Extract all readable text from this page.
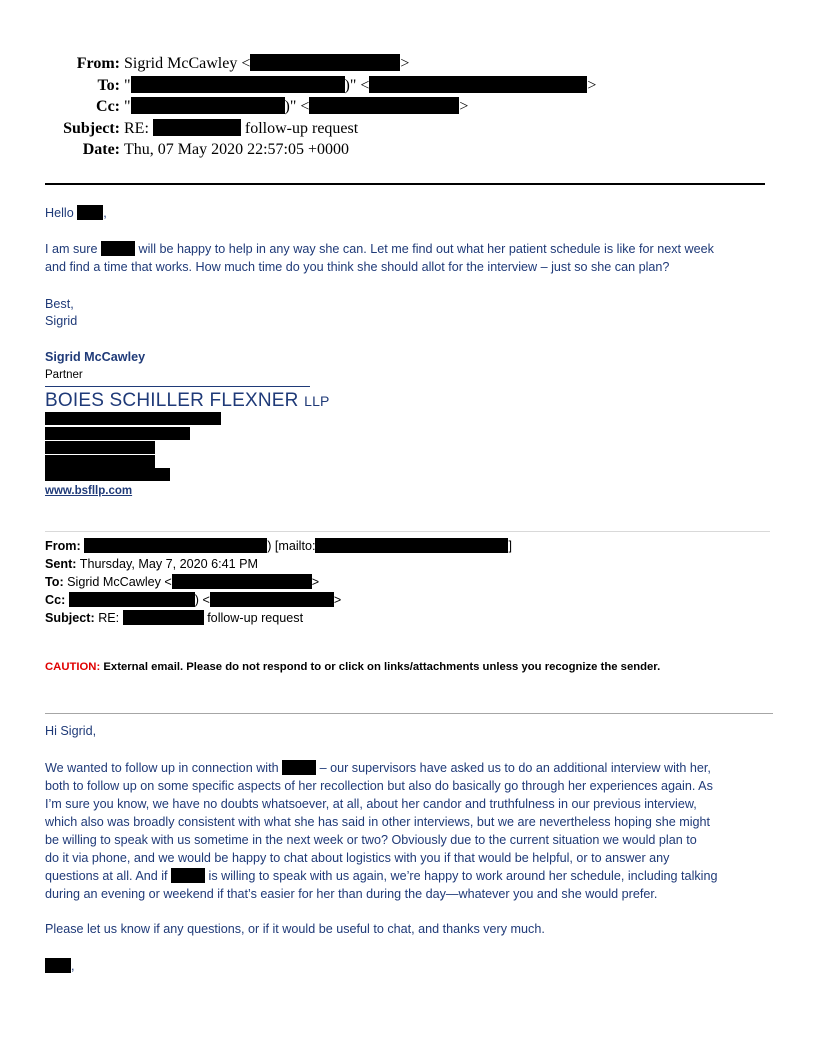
From: Sigrid McCawley <	>
To: "	)" <	>
Cc: "	)" <	>
Subject: RE:	follow-up request
Date: Thu, 07 May 2020 22:57:05 +0000
Hello ,
I am sure	will be happy to help in any way she can. Let me find out what her patient schedule is like for next week
and find a time that works. How much time do you think she should allot for the interview – just so she can plan?
Best,
Sigrid
Sigrid McCawley
Partner
BOIES SCHILLER FLEXNER LLP
www.bsfllp.com
From:	) [mailto:	]
Sent: Thursday, May 7, 2020 6:41 PM
To: Sigrid McCawley <	>
Cc:	) <	>
Subject: RE:	follow-up request
CAUTION: External email. Please do not respond to or click on links/attachments unless you recognize the sender.
Hi Sigrid,
We wanted to follow up in connection with	– our supervisors have asked us to do an additional interview with her,
both to follow up on some specific aspects of her recollection but also do basically go through her experiences again. As
I’m sure you know, we have no doubts whatsoever, at all, about her candor and truthfulness in our previous interview,
which also was broadly consistent with what she has said in other interviews, but we are nevertheless hoping she might
be willing to speak with us sometime in the next week or two? Obviously due to the current situation we would plan to
do it via phone, and we would be happy to chat about logistics with you if that would be helpful, or to answer any
questions at all. And if	is willing to speak with us again, we’re happy to work around her schedule, including talking
during an evening or weekend if that’s easier for her than during the day—whatever you and she would prefer.
Please let us know if any questions, or if it would be useful to chat, and thanks very much.
,
